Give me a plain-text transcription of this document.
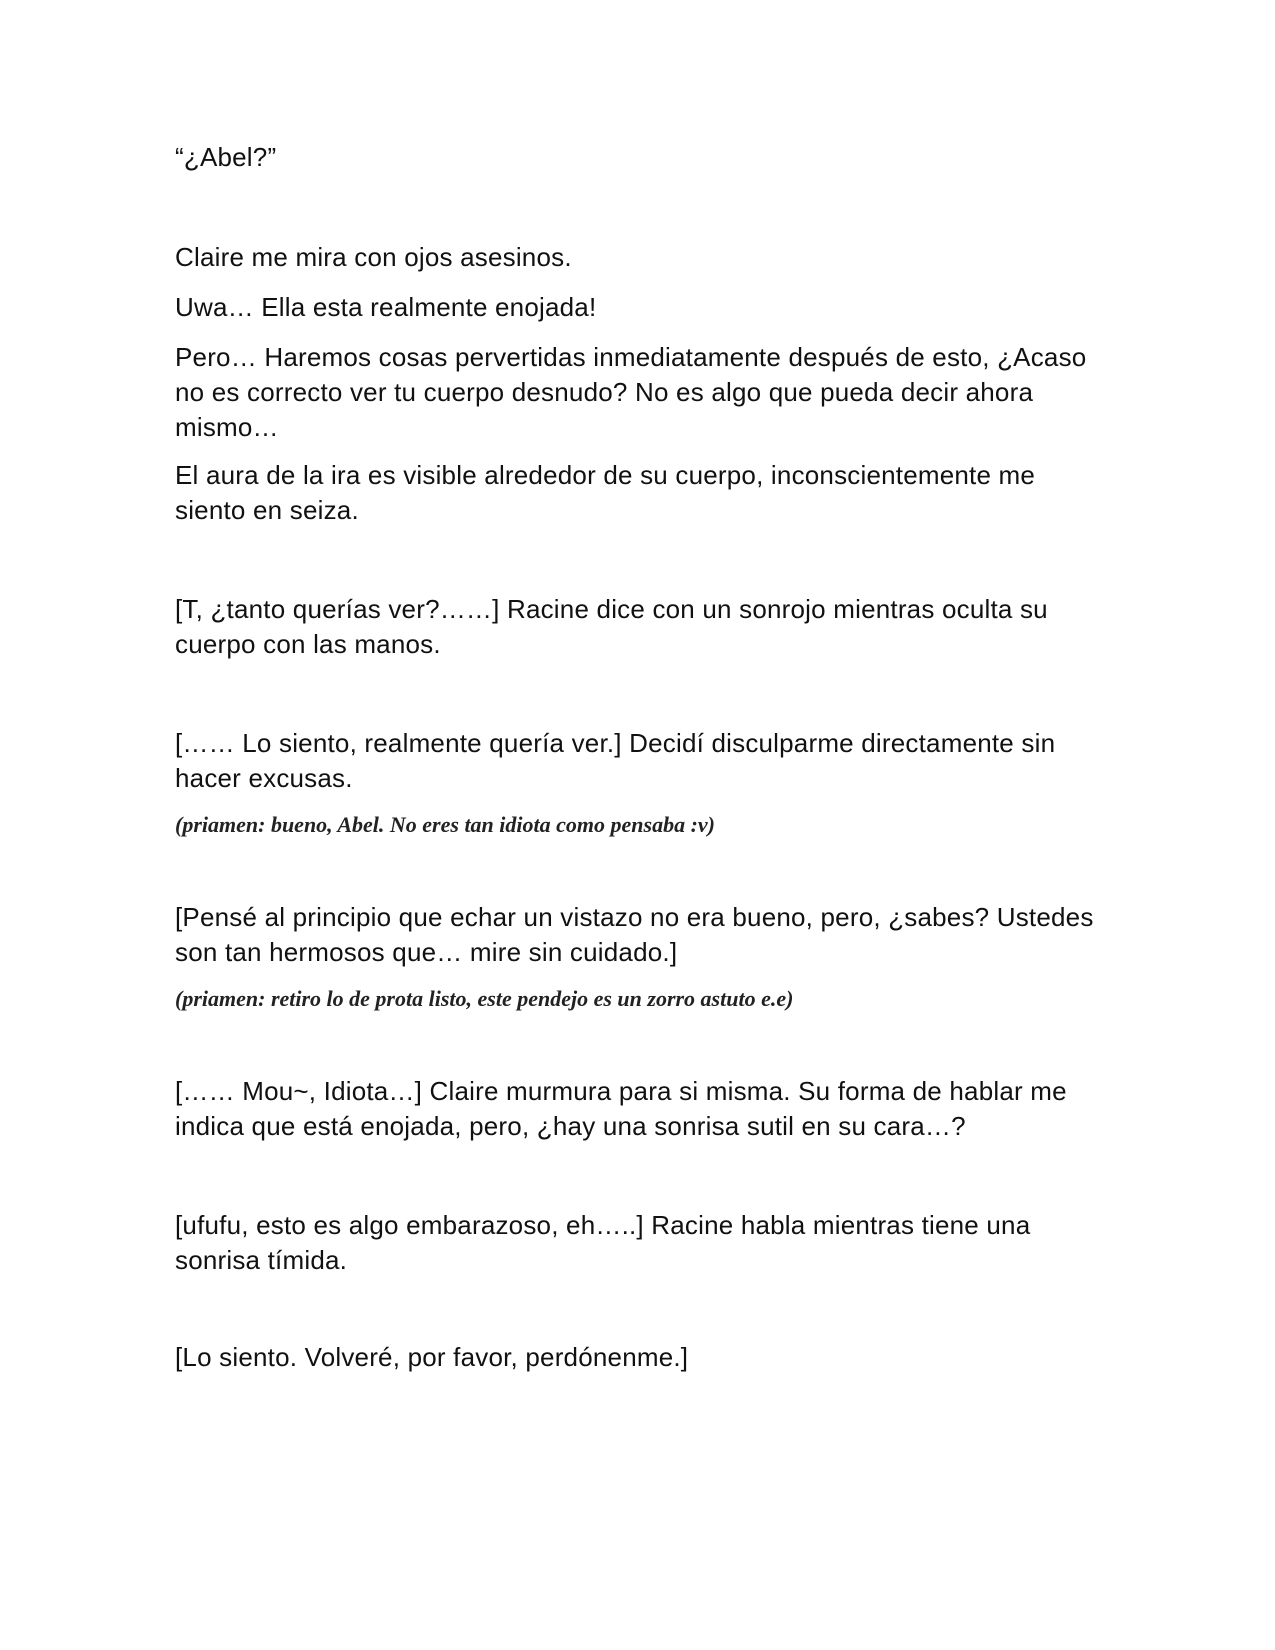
“¿Abel?”

Claire me mira con ojos asesinos.

Uwa… Ella esta realmente enojada!

Pero… Haremos cosas pervertidas inmediatamente después de esto, ¿Acaso no es correcto ver tu cuerpo desnudo? No es algo que pueda decir ahora mismo…

El aura de la ira es visible alrededor de su cuerpo, inconscientemente me siento en seiza.

[T, ¿tanto querías ver?……] Racine dice con un sonrojo mientras oculta su cuerpo con las manos.

[…… Lo siento, realmente quería ver.] Decidí disculparme directamente sin hacer excusas.

(priamen: bueno, Abel. No eres tan idiota como pensaba :v)

[Pensé al principio que echar un vistazo no era bueno, pero, ¿sabes? Ustedes son tan hermosos que… mire sin cuidado.]

(priamen: retiro lo de prota listo, este pendejo es un zorro astuto e.e)

[…… Mou~, Idiota…] Claire murmura para si misma. Su forma de hablar me indica que está enojada, pero, ¿hay una sonrisa sutil en su cara…?

[ufufu, esto es algo embarazoso, eh…..] Racine habla mientras tiene una sonrisa tímida.

[Lo siento. Volveré, por favor, perdónenme.]
